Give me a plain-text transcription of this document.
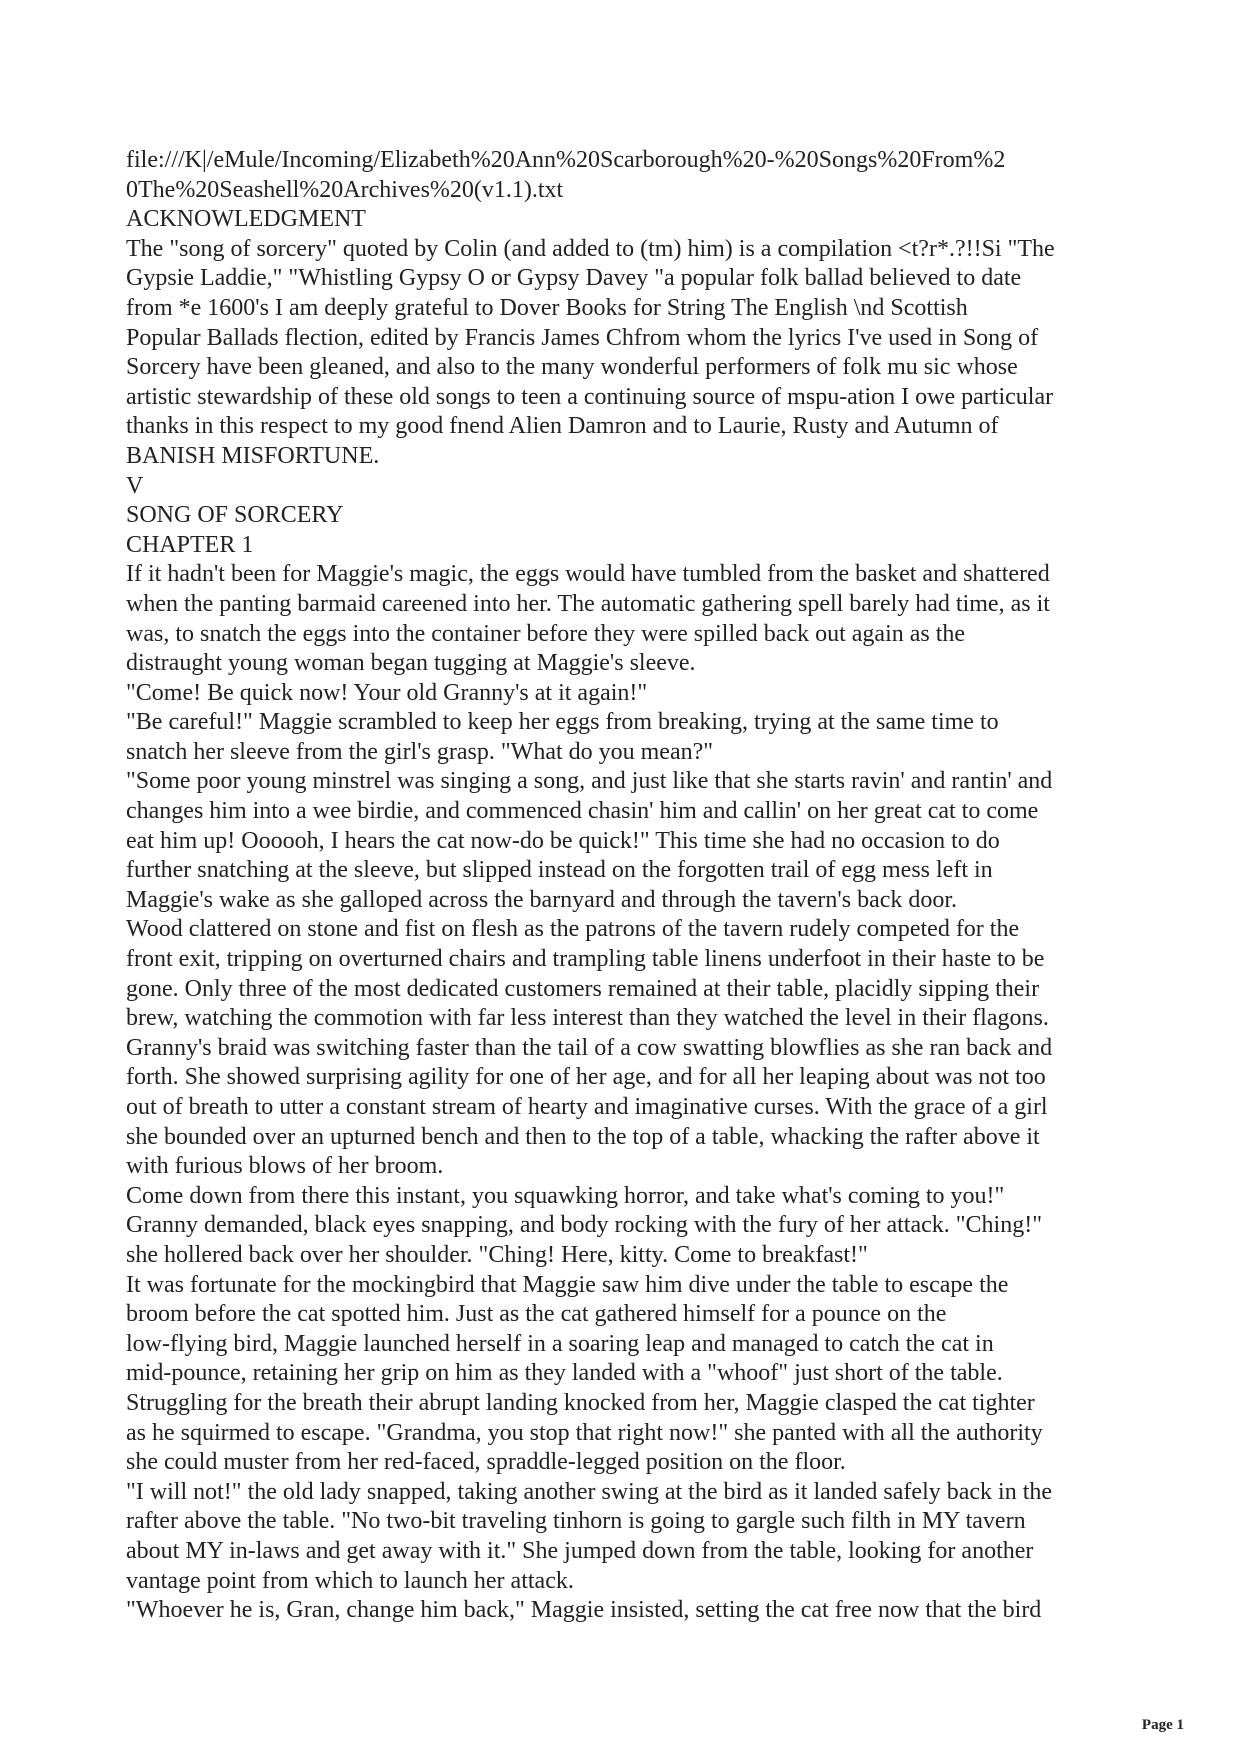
file:///K|/eMule/Incoming/Elizabeth%20Ann%20Scarborough%20-%20Songs%20From%2
0The%20Seashell%20Archives%20(v1.1).txt

ACKNOWLEDGMENT

The "song of sorcery" quoted by Colin (and added to (tm) him) is a compilation <t?r*.?!!Si "The
Gypsie Laddie," "Whistling Gypsy O or Gypsy Davey "a popular folk ballad believed to date
from *e 1600's I am deeply grateful to Dover Books for String The English \nd Scottish
Popular Ballads flection, edited by Francis James Chfrom whom the lyrics I've used in Song of
Sorcery have been gleaned, and also to the many wonderful performers of folk mu sic whose
artistic stewardship of these old songs to teen a continuing source of mspu-ation I owe particular
thanks in this respect to my good fnend Alien Damron and to Laurie, Rusty and Autumn of
BANISH MISFORTUNE.

V

SONG OF SORCERY

CHAPTER 1

If it hadn't been for Maggie's magic, the eggs would have tumbled from the basket and shattered
when the panting barmaid careened into her. The automatic gathering spell barely had time, as it
was, to snatch the eggs into the container before they were spilled back out again as the
distraught young woman began tugging at Maggie's sleeve.

"Come! Be quick now! Your old Granny's at it again!"

"Be careful!" Maggie scrambled to keep her eggs from breaking, trying at the same time to
snatch her sleeve from the girl's grasp. "What do you mean?"

"Some poor young minstrel was singing a song, and just like that she starts ravin' and rantin' and
changes him into a wee birdie, and commenced chasin' him and callin' on her great cat to come
eat him up! Oooooh, I hears the cat now-do be quick!" This time she had no occasion to do
further snatching at the sleeve, but slipped instead on the forgotten trail of egg mess left in
Maggie's wake as she galloped across the barnyard and through the tavern's back door.

Wood clattered on stone and fist on flesh as the patrons of the tavern rudely competed for the
front exit, tripping on overturned chairs and trampling table linens underfoot in their haste to be
gone. Only three of the most dedicated customers remained at their table, placidly sipping their
brew, watching the commotion with far less interest than they watched the level in their flagons.

Granny's braid was switching faster than the tail of a cow swatting blowflies as she ran back and
forth. She showed surprising agility for one of her age, and for all her leaping about was not too
out of breath to utter a constant stream of hearty and imaginative curses. With the grace of a girl
she bounded over an upturned bench and then to the top of a table, whacking the rafter above it
with furious blows of her broom.

Come down from there this instant, you squawking horror, and take what's coming to you!"
Granny demanded, black eyes snapping, and body rocking with the fury of her attack. "Ching!"
she hollered back over her shoulder. "Ching! Here, kitty. Come to breakfast!"

It was fortunate for the mockingbird that Maggie saw him dive under the table to escape the
broom before the cat spotted him. Just as the cat gathered himself for a pounce on the
low-flying bird, Maggie launched herself in a soaring leap and managed to catch the cat in
mid-pounce, retaining her grip on him as they landed with a "whoof" just short of the table.

Struggling for the breath their abrupt landing knocked from her, Maggie clasped the cat tighter
as he squirmed to escape. "Grandma, you stop that right now!" she panted with all the authority
she could muster from her red-faced, spraddle-legged position on the floor.

"I will not!" the old lady snapped, taking another swing at the bird as it landed safely back in the
rafter above the table. "No two-bit traveling tinhorn is going to gargle such filth in MY tavern
about MY in-laws and get away with it." She jumped down from the table, looking for another
vantage point from which to launch her attack.

"Whoever he is, Gran, change him back," Maggie insisted, setting the cat free now that the bird

Page 1
